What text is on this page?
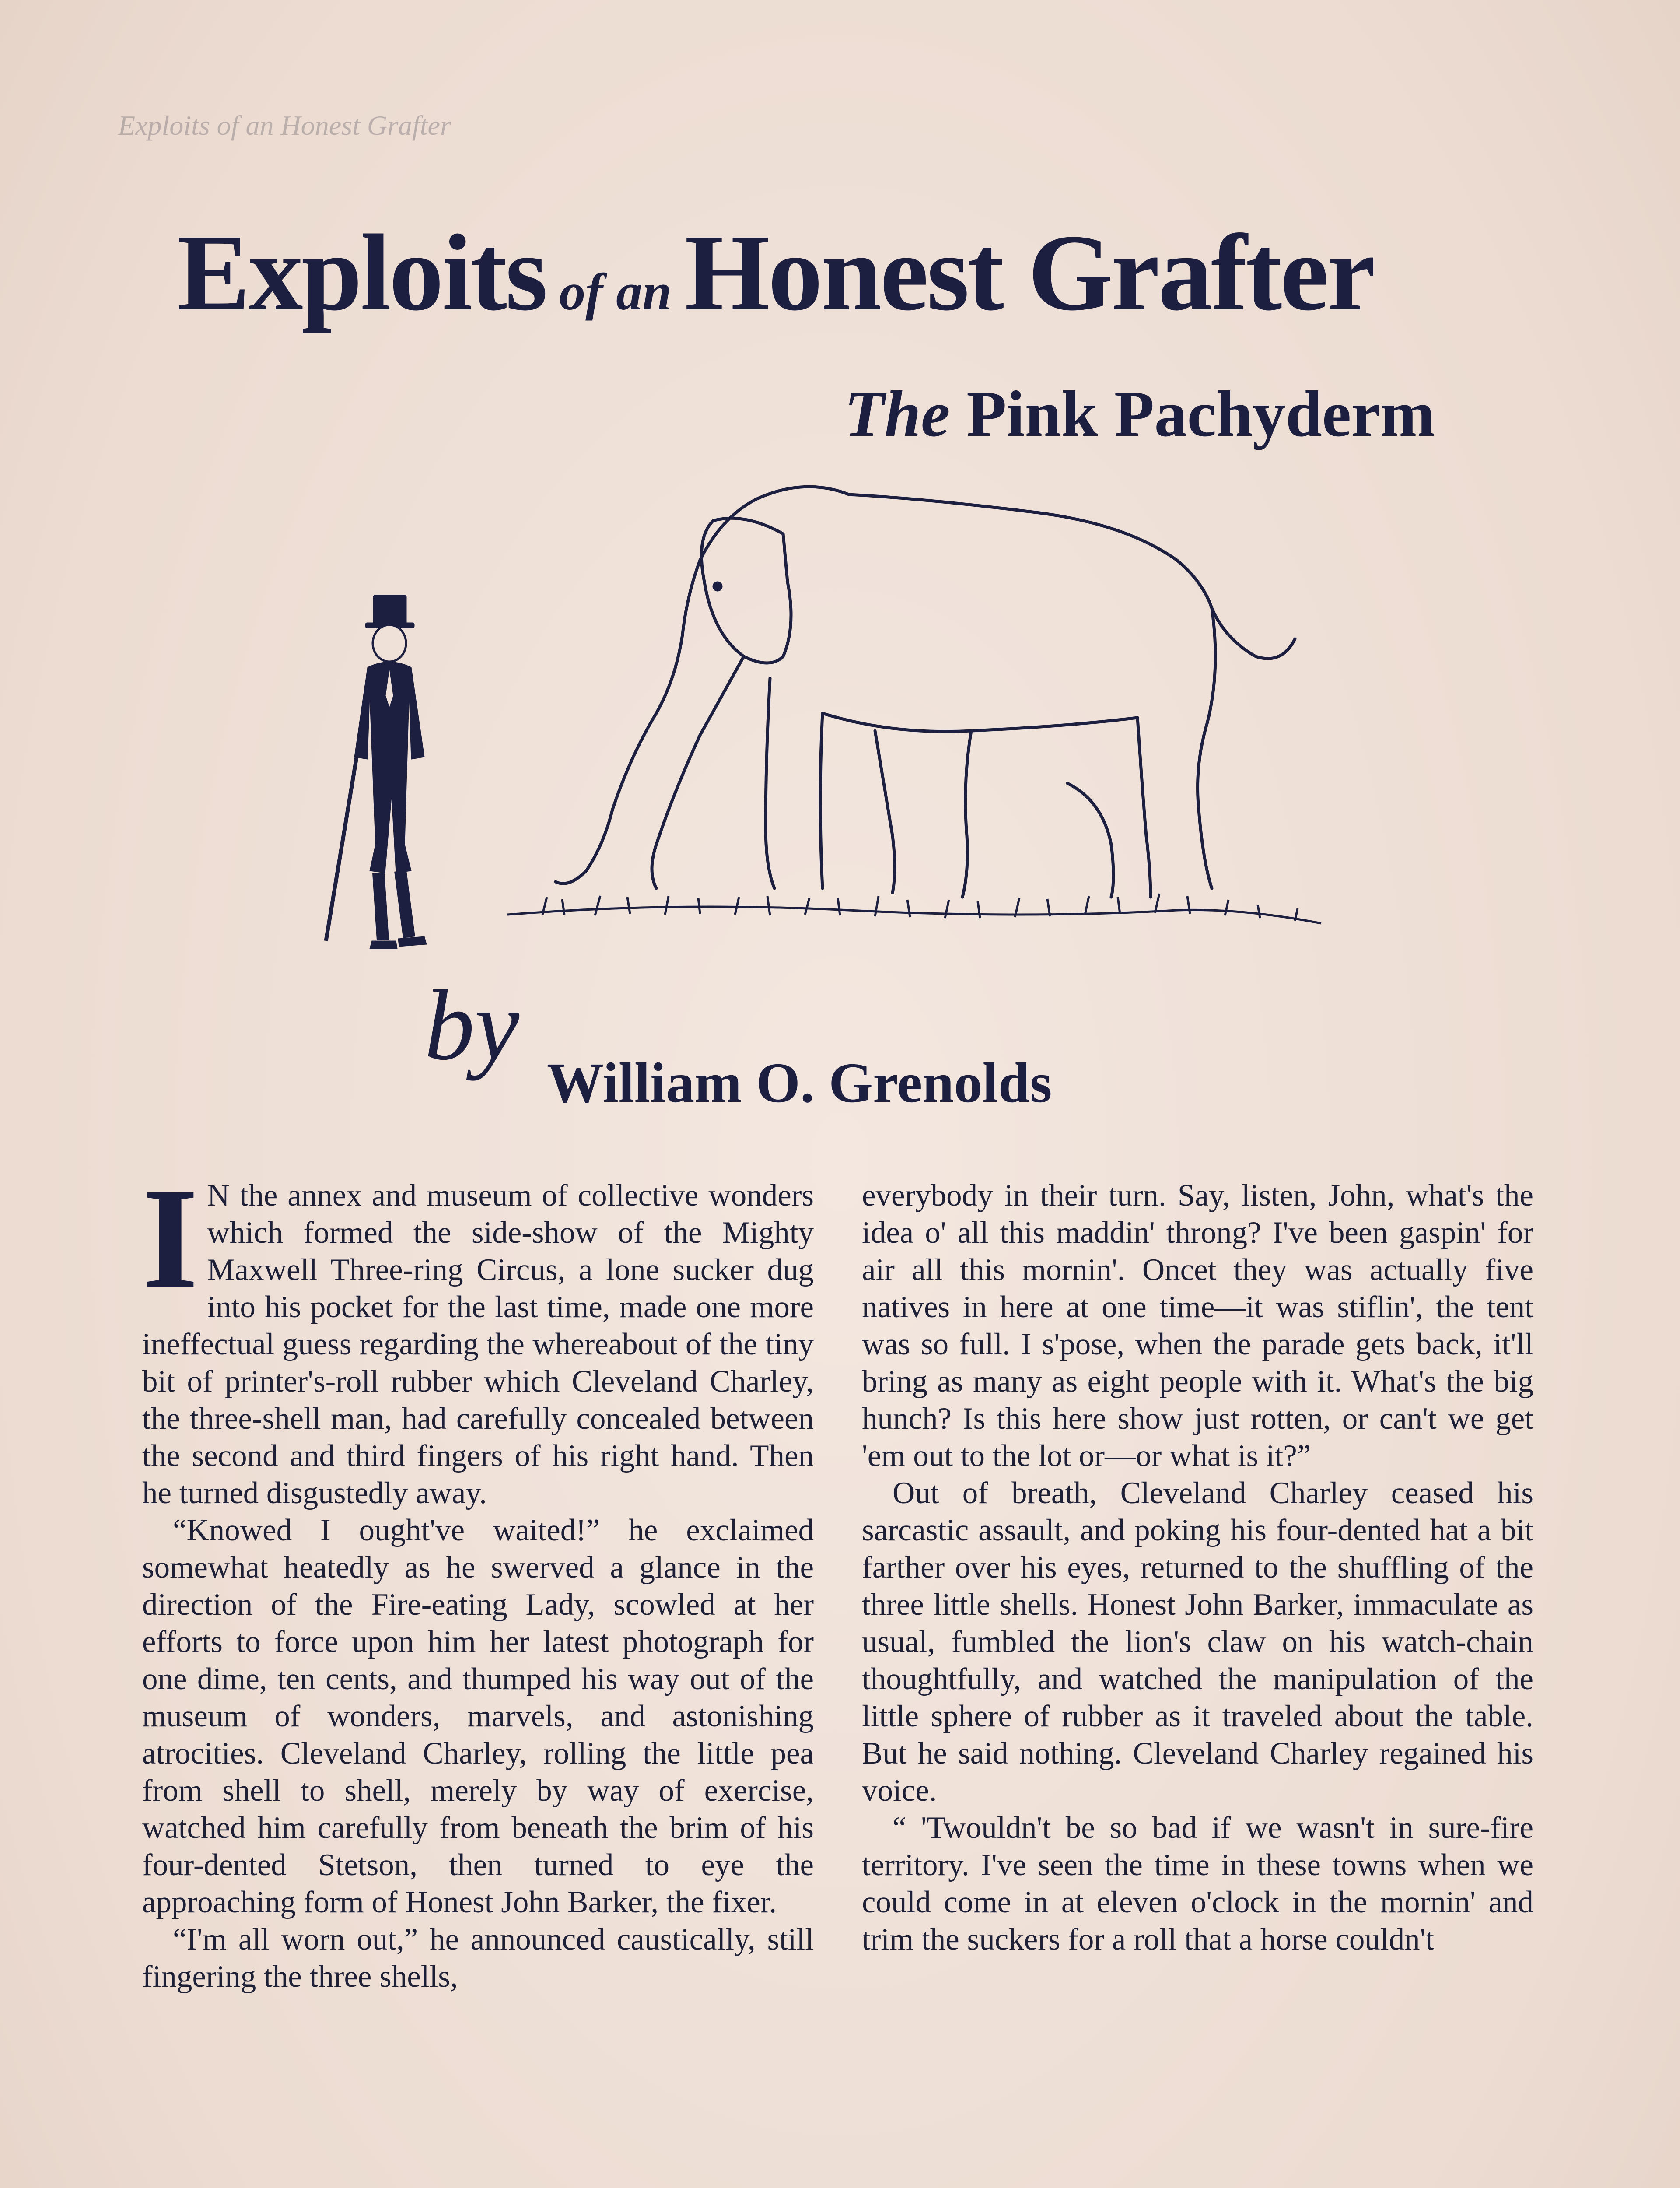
Exploits of an Honest Grafter
Exploits of an Honest Grafter
The Pink Pachyderm
by
William O. Grenolds
I N the annex and museum of collective wonders which formed the side-show of the Mighty Maxwell Three-ring Circus, a lone sucker dug into his pocket for the last time, made one more ineffectual guess regarding the whereabout of the tiny bit of printer's-roll rubber which Cleveland Charley, the three-shell man, had carefully concealed between the second and third fingers of his right hand. Then he turned disgustedly away.

“Knowed I ought've waited!” he exclaimed somewhat heatedly as he swerved a glance in the direction of the Fire-eating Lady, scowled at her efforts to force upon him her latest photograph for one dime, ten cents, and thumped his way out of the museum of wonders, marvels, and astonishing atrocities. Cleveland Charley, rolling the little pea from shell to shell, merely by way of exercise, watched him carefully from beneath the brim of his four-dented Stetson, then turned to eye the approaching form of Honest John Barker, the fixer.

“I'm all worn out,” he announced caustically, still fingering the three shells,

everybody in their turn. Say, listen, John, what's the idea o' all this maddin' throng? I've been gaspin' for air all this mornin'. Oncet they was actually five natives in here at one time—it was stiflin', the tent was so full. I s'pose, when the parade gets back, it'll bring as many as eight people with it. What's the big hunch? Is this here show just rotten, or can't we get 'em out to the lot or—or what is it?”

Out of breath, Cleveland Charley ceased his sarcastic assault, and poking his four-dented hat a bit farther over his eyes, returned to the shuffling of the three little shells. Honest John Barker, immaculate as usual, fumbled the lion's claw on his watch-chain thoughtfully, and watched the manipulation of the little sphere of rubber as it traveled about the table. But he said nothing. Cleveland Charley regained his voice.

“ 'Twouldn't be so bad if we wasn't in sure-fire territory. I've seen the time in these towns when we could come in at eleven o'clock in the mornin' and trim the suckers for a roll that a horse couldn't
